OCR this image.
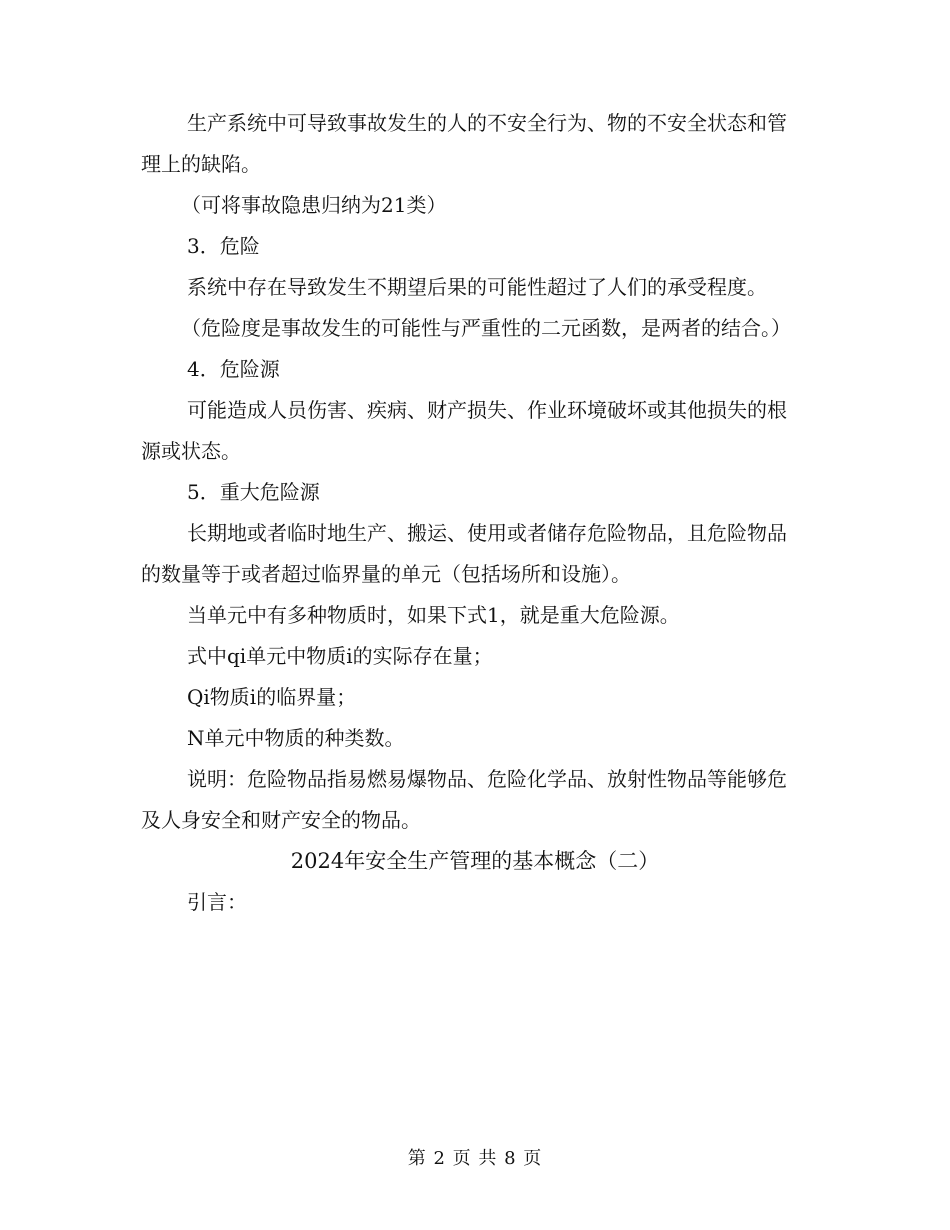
生产系统中可导致事故发生的人的不安全行为、物的不安全状态和管理上的缺陷。

（可将事故隐患归纳为21类）

3．危险

系统中存在导致发生不期望后果的可能性超过了人们的承受程度。

（危险度是事故发生的可能性与严重性的二元函数，是两者的结合。）

4．危险源

可能造成人员伤害、疾病、财产损失、作业环境破坏或其他损失的根源或状态。

5．重大危险源

长期地或者临时地生产、搬运、使用或者储存危险物品，且危险物品的数量等于或者超过临界量的单元（包括场所和设施）。

当单元中有多种物质时，如果下式1，就是重大危险源。

式中qi单元中物质i的实际存在量；

Qi物质i的临界量；

N单元中物质的种类数。

说明：危险物品指易燃易爆物品、危险化学品、放射性物品等能够危及人身安全和财产安全的物品。

2024年安全生产管理的基本概念（二）

引言：

第 2 页 共 8 页
